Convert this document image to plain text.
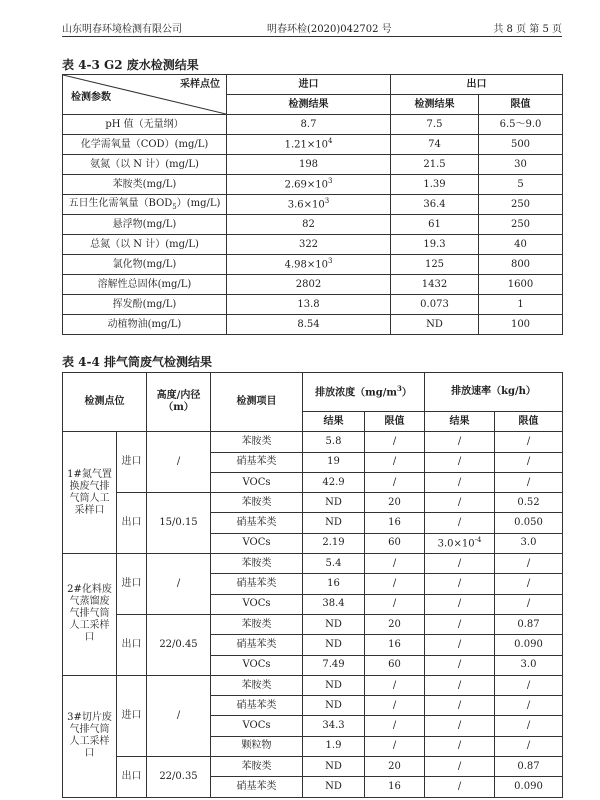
山东明春环境检测有限公司	明春环检(2020)042702 号	共 8 页 第 5 页
表 4-3 G2 废水检测结果
采样点位
检测参数	进口	出口	
	检测结果	检测结果	限值
pH 值（无量纲）	8.7	7.5	6.5～9.0
化学需氧量（COD）(mg/L)	$1.21\times 10^4$	74	500
氨氮（以 N 计）(mg/L)	198	21.5	30
苯胺类(mg/L)	$2.69\times 10^3$	1.39	5
五日生化需氧量$(BOD_5)(mg/L)$	$3.6\times 10^3$	36.4	250
悬浮物(mg/L)	82	61	250
总氮（以 N 计）(mg/L)	322	19.3	40
氯化物(mg/L)	$4.98\times 10^3$	125	800
溶解性总固体(mg/L)	2802	1432	1600
挥发酚(mg/L)	13.8	0.073	1
动植物油(mg/L)	8.54	ND	100
表 4-4 排气筒废气检测结果
检测点位		高度/内径（m）	检测项目	排放浓度$(mg/m^3)$		排放速率（kg/h）	
				结果	限值	结果	限值
1#氮气置换废气排气筒人工采样口	进口	/	苯胺类	5.8	/	/	/
			硝基苯类	19	/	/	/
			VOCs	42.9	/	/	/
	出口	15/0.15	苯胺类	ND	20	/	0.52
			硝基苯类	ND	16	/	0.050
			VOCs	2.19	60	$3.0\times 10^{-4}$	3.0
2#化料废气蒸馏废气排气筒人工采样口	进口	/	苯胺类	5.4	/	/	/
			硝基苯类	16	/	/	/
			VOCs	38.4	/	/	/
	出口	22/0.45	苯胺类	ND	20	/	0.87
			硝基苯类	ND	16	/	0.090
			VOCs	7.49	60	/	3.0
3#切片废气排气筒人工采样口	进口	/	苯胺类	ND	/	/	/
			硝基苯类	ND	/	/	/
			VOCs	34.3	/	/	/
			颗粒物	1.9	/	/	/
	出口	22/0.35	苯胺类	ND	20	/	0.87
			硝基苯类	ND	16	/	0.090
